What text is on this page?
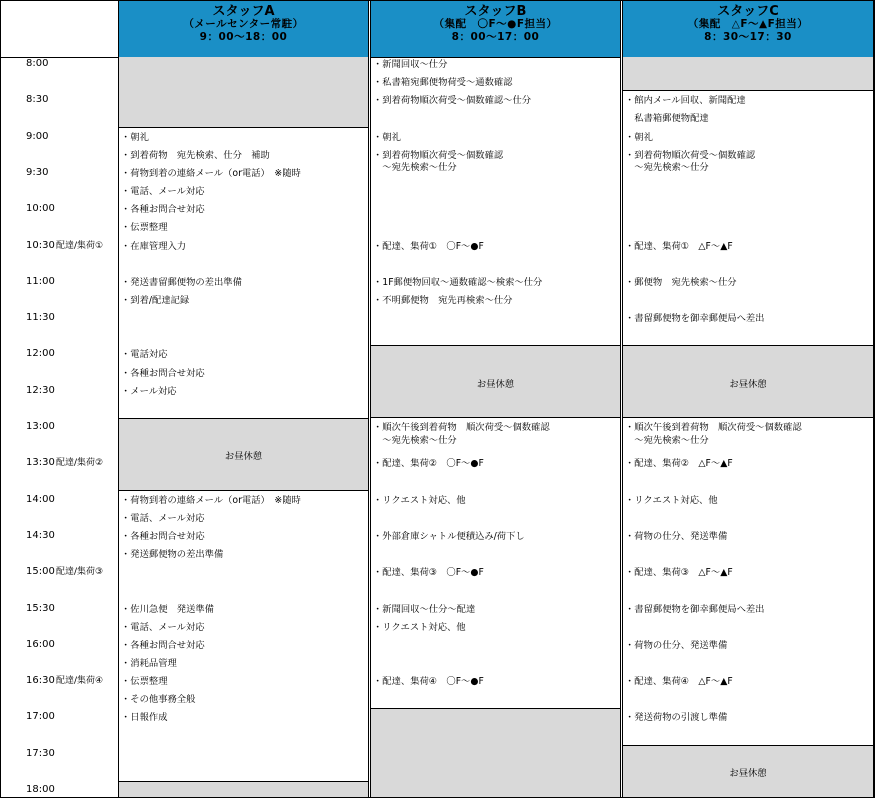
スタッフA
（メールセンター常駐）
9：00〜18：00
スタッフB
（集配　〇F〜●F担当）
8：00〜17：00
スタッフC
（集配　△F〜▲F担当）
8：30〜17：30
8:00
8:30
9:00
9:30
10:00
10:30
11:00
11:30
12:00
12:30
13:00
13:30
14:00
14:30
15:00
15:30
16:00
16:30
17:00
17:30
18:00
配達/集荷①
配達/集荷②
配達/集荷③
配達/集荷④
お昼休憩
・朝礼
・到着荷物　宛先検索、仕分　補助
・荷物到着の連絡メール（or電話）　※随時
・電話、メール対応
・各種お問合せ対応
・伝票整理
・在庫管理入力
・発送書留郵便物の差出準備
・到着/配達記録
・電話対応
・各種お問合せ対応
・メール対応
・荷物到着の連絡メール（or電話）　※随時
・電話、メール対応
・各種お問合せ対応
・発送郵便物の差出準備
・佐川急便　発送準備
・電話、メール対応
・各種お問合せ対応
・消耗品管理
・伝票整理
・その他事務全般
・日報作成
お昼休憩
・新聞回収〜仕分
・私書箱宛郵便物荷受〜通数確認
・到着荷物順次荷受〜個数確認〜仕分
・朝礼
・到着荷物順次荷受〜個数確認
　〜宛先検索〜仕分
・配達、集荷①　〇F〜●F
・1F郵便物回収〜通数確認〜検索〜仕分
・不明郵便物　宛先再検索〜仕分
・順次午後到着荷物　順次荷受〜個数確認
　〜宛先検索〜仕分
・配達、集荷②　〇F〜●F
・リクエスト対応、他
・外部倉庫シャトル便積込み/荷下し
・配達、集荷③　〇F〜●F
・新聞回収〜仕分〜配達
・リクエスト対応、他
・配達、集荷④　〇F〜●F
お昼休憩
お昼休憩
・館内メール回収、新聞配達
　私書箱郵便物配達
・朝礼
・到着荷物順次荷受〜個数確認
　〜宛先検索〜仕分
・配達、集荷①　△F〜▲F
・郵便物　宛先検索〜仕分
・書留郵便物を御幸郵便局へ差出
・順次午後到着荷物　順次荷受〜個数確認
　〜宛先検索〜仕分
・配達、集荷②　△F〜▲F
・リクエスト対応、他
・荷物の仕分、発送準備
・配達、集荷③　△F〜▲F
・書留郵便物を御幸郵便局へ差出
・荷物の仕分、発送準備
・配達、集荷④　△F〜▲F
・発送荷物の引渡し準備
